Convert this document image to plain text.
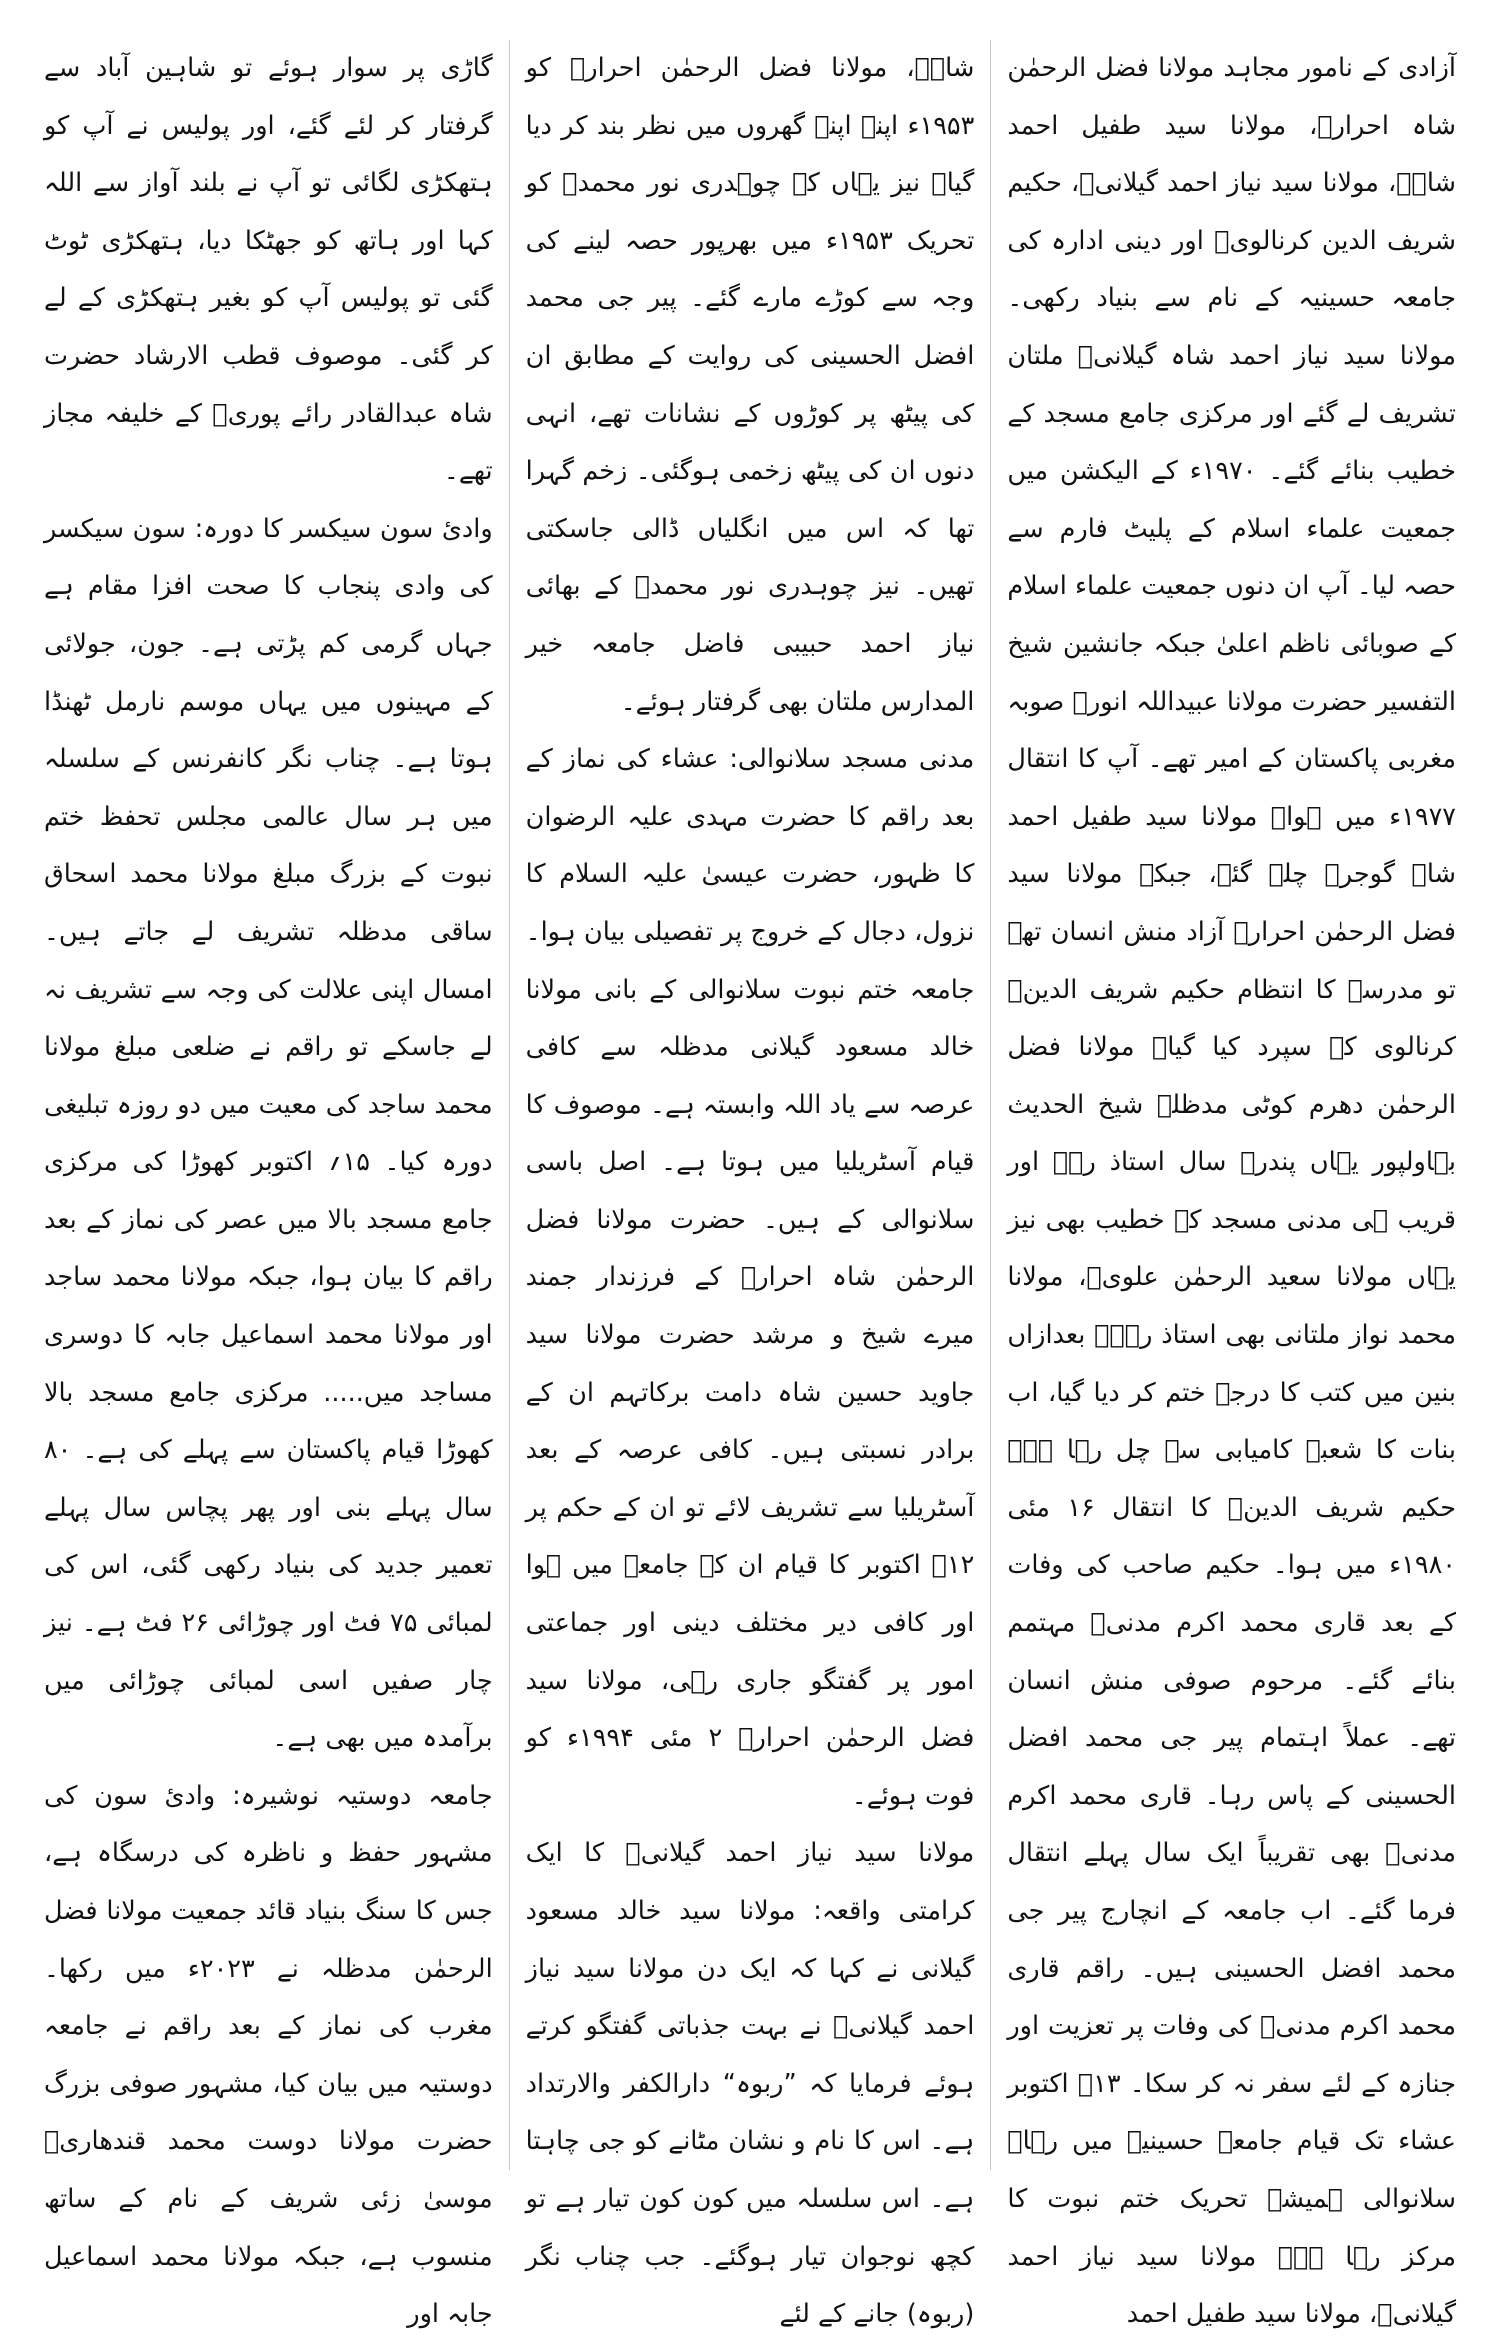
آزادی کے نامور مجاہد مولانا فضل الرحمٰن شاہ احرارؒ، مولانا سید طفیل احمد شاہؒ، مولانا سید نیاز احمد گیلانیؒ، حکیم شریف الدین کرنالویؒ اور دینی ادارہ کی جامعہ حسینیہ کے نام سے بنیاد رکھی۔ مولانا سید نیاز احمد شاہ گیلانیؒ ملتان تشریف لے گئے اور مرکزی جامع مسجد کے خطیب بنائے گئے۔ ۱۹۷۰ء کے الیکشن میں جمعیت علماء اسلام کے پلیٹ فارم سے حصہ لیا۔ آپ ان دنوں جمعیت علماء اسلام کے صوبائی ناظم اعلیٰ جبکہ جانشین شیخ التفسیر حضرت مولانا عبیداللہ انورؒ صوبہ مغربی پاکستان کے امیر تھے۔ آپ کا انتقال ۱۹۷۷ء میں ہوا۔ مولانا سید طفیل احمد شاہ گوجرہ چلے گئے، جبکہ مولانا سید فضل الرحمٰن احرارؒ آزاد منش انسان تھے تو مدرسہ کا انتظام حکیم شریف الدینؒ کرنالوی کے سپرد کیا گیا۔ مولانا فضل الرحمٰن دھرم کوٹی مدظلہ شیخ الحدیث بہاولپور یہاں پندرہ سال استاذ رہے اور قریب ہی مدنی مسجد کے خطیب بھی نیز یہاں مولانا سعید الرحمٰن علویؒ، مولانا محمد نواز ملتانی بھی استاذ رہے۔ بعدازاں بنین میں کتب کا درجہ ختم کر دیا گیا، اب بنات کا شعبہ کامیابی سے چل رہا ہے۔ حکیم شریف الدینؒ کا انتقال ۱۶ مئی ۱۹۸۰ء میں ہوا۔ حکیم صاحب کی وفات کے بعد قاری محمد اکرم مدنیؒ مہتمم بنائے گئے۔ مرحوم صوفی منش انسان تھے۔ عملاً اہتمام پیر جی محمد افضل الحسینی کے پاس رہا۔ قاری محمد اکرم مدنیؒ بھی تقریباً ایک سال پہلے انتقال فرما گئے۔ اب جامعہ کے انچارج پیر جی محمد افضل الحسینی ہیں۔ راقم قاری محمد اکرم مدنیؒ کی وفات پر تعزیت اور جنازہ کے لئے سفر نہ کر سکا۔ ۱۳؍ اکتوبر عشاء تک قیام جامعہ حسینیہ میں رہا۔ سلانوالی ہمیشہ تحریک ختم نبوت کا مرکز رہا ہے۔ مولانا سید نیاز احمد گیلانیؒ، مولانا سید طفیل احمد

شاہؒ، مولانا فضل الرحمٰن احرارؒ کو ۱۹۵۳ء اپنے اپنے گھروں میں نظر بند کر دیا گیا۔ نیز یہاں کے چوہدری نور محمدؒ کو تحریک ۱۹۵۳ء میں بھرپور حصہ لینے کی وجہ سے کوڑے مارے گئے۔ پیر جی محمد افضل الحسینی کی روایت کے مطابق ان کی پیٹھ پر کوڑوں کے نشانات تھے، انہی دنوں ان کی پیٹھ زخمی ہوگئی۔ زخم گہرا تھا کہ اس میں انگلیاں ڈالی جاسکتی تھیں۔ نیز چوہدری نور محمدؒ کے بھائی نیاز احمد حبیبی فاضل جامعہ خیر المدارس ملتان بھی گرفتار ہوئے۔

مدنی مسجد سلانوالی: عشاء کی نماز کے بعد راقم کا حضرت مہدی علیہ الرضوان کا ظہور، حضرت عیسیٰ علیہ السلام کا نزول، دجال کے خروج پر تفصیلی بیان ہوا۔ جامعہ ختم نبوت سلانوالی کے بانی مولانا خالد مسعود گیلانی مدظلہ سے کافی عرصہ سے یاد اللہ وابستہ ہے۔ موصوف کا قیام آسٹریلیا میں ہوتا ہے۔ اصل باسی سلانوالی کے ہیں۔ حضرت مولانا فضل الرحمٰن شاہ احرارؒ کے فرزندار جمند میرے شیخ و مرشد حضرت مولانا سید جاوید حسین شاہ دامت برکاتہم ان کے برادر نسبتی ہیں۔ کافی عرصہ کے بعد آسٹریلیا سے تشریف لائے تو ان کے حکم پر ۱۲؍ اکتوبر کا قیام ان کے جامعہ میں ہوا اور کافی دیر مختلف دینی اور جماعتی امور پر گفتگو جاری رہی، مولانا سید فضل الرحمٰن احرارؒ ۲ مئی ۱۹۹۴ء کو فوت ہوئے۔

مولانا سید نیاز احمد گیلانیؒ کا ایک کرامتی واقعہ: مولانا سید خالد مسعود گیلانی نے کہا کہ ایک دن مولانا سید نیاز احمد گیلانیؒ نے بہت جذباتی گفتگو کرتے ہوئے فرمایا کہ ”ربوہ“ دارالکفر والارتداد ہے۔ اس کا نام و نشان مٹانے کو جی چاہتا ہے۔ اس سلسلہ میں کون کون تیار ہے تو کچھ نوجوان تیار ہوگئے۔ جب چناب نگر (ربوہ) جانے کے لئے

گاڑی پر سوار ہوئے تو شاہین آباد سے گرفتار کر لئے گئے، اور پولیس نے آپ کو ہتھکڑی لگائی تو آپ نے بلند آواز سے اللہ کہا اور ہاتھ کو جھٹکا دیا، ہتھکڑی ٹوٹ گئی تو پولیس آپ کو بغیر ہتھکڑی کے لے کر گئی۔ موصوف قطب الارشاد حضرت شاہ عبدالقادر رائے پوریؒ کے خلیفہ مجاز تھے۔

وادیٔ سون سیکسر کا دورہ: سون سیکسر کی وادی پنجاب کا صحت افزا مقام ہے جہاں گرمی کم پڑتی ہے۔ جون، جولائی کے مہینوں میں یہاں موسم نارمل ٹھنڈا ہوتا ہے۔ چناب نگر کانفرنس کے سلسلہ میں ہر سال عالمی مجلس تحفظ ختم نبوت کے بزرگ مبلغ مولانا محمد اسحاق ساقی مدظلہ تشریف لے جاتے ہیں۔ امسال اپنی علالت کی وجہ سے تشریف نہ لے جاسکے تو راقم نے ضلعی مبلغ مولانا محمد ساجد کی معیت میں دو روزہ تبلیغی دورہ کیا۔ ۱۵؍ اکتوبر کھوڑا کی مرکزی جامع مسجد بالا میں عصر کی نماز کے بعد راقم کا بیان ہوا، جبکہ مولانا محمد ساجد اور مولانا محمد اسماعیل جابہ کا دوسری مساجد میں..... مرکزی جامع مسجد بالا کھوڑا قیام پاکستان سے پہلے کی ہے۔ ۸۰ سال پہلے بنی اور پھر پچاس سال پہلے تعمیر جدید کی بنیاد رکھی گئی، اس کی لمبائی ۷۵ فٹ اور چوڑائی ۲۶ فٹ ہے۔ نیز چار صفیں اسی لمبائی چوڑائی میں برآمدہ میں بھی ہے۔

جامعہ دوستیہ نوشیرہ: وادیٔ سون کی مشہور حفظ و ناظرہ کی درسگاہ ہے، جس کا سنگ بنیاد قائد جمعیت مولانا فضل الرحمٰن مدظلہ نے ۲۰۲۳ء میں رکھا۔ مغرب کی نماز کے بعد راقم نے جامعہ دوستیہ میں بیان کیا، مشہور صوفی بزرگ حضرت مولانا دوست محمد قندھاریؒ موسیٰ زئی شریف کے نام کے ساتھ منسوب ہے، جبکہ مولانا محمد اسماعیل جابہ اور
